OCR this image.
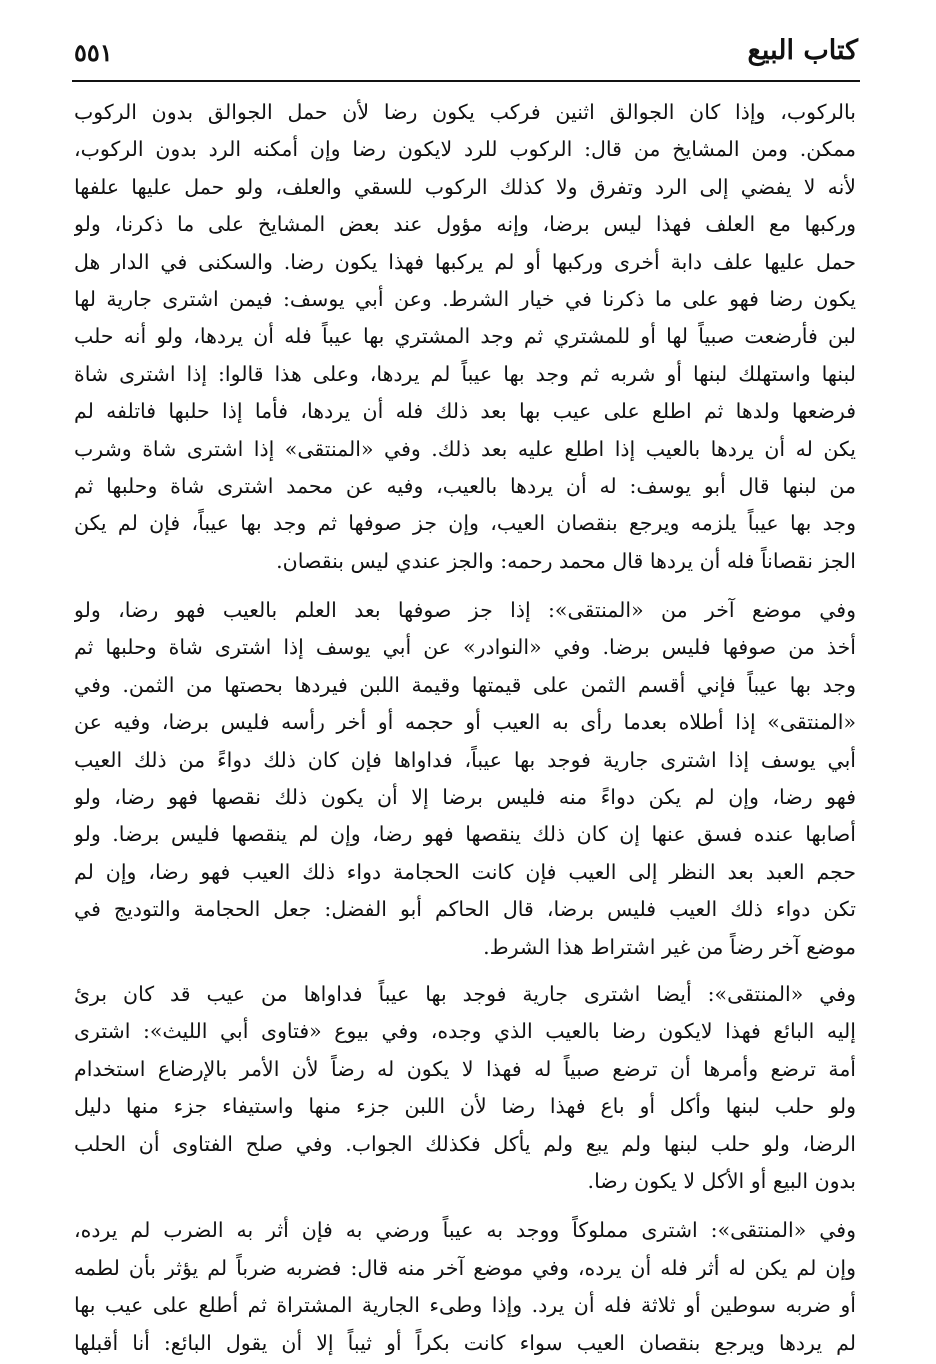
كتاب البيع
٥٥١
بالركوب، وإذا كان الجوالق اثنين فركب يكون رضا لأن حمل الجوالق بدون الركوب
ممكن. ومن المشايخ من قال: الركوب للرد لايكون رضا وإن أمكنه الرد بدون الركوب،
لأنه لا يفضي إلى الرد وتفرق ولا كذلك الركوب للسقي والعلف، ولو حمل عليها علفها
وركبها مع العلف فهذا ليس برضا، وإنه مؤول عند بعض المشايخ على ما ذكرنا، ولو
حمل عليها علف دابة أخرى وركبها أو لم يركبها فهذا يكون رضا. والسكنى في الدار هل
يكون رضا فهو على ما ذكرنا في خيار الشرط. وعن أبي يوسف: فيمن اشترى جارية لها
لبن فأرضعت صبياً لها أو للمشتري ثم وجد المشتري بها عيباً فله أن يردها، ولو أنه حلب
لبنها واستهلك لبنها أو شربه ثم وجد بها عيباً لم يردها، وعلى هذا قالوا: إذا اشترى شاة
فرضعها ولدها ثم اطلع على عيب بها بعد ذلك فله أن يردها، فأما إذا حلبها فاتلفه لم
يكن له أن يردها بالعيب إذا اطلع عليه بعد ذلك. وفي «المنتقى» إذا اشترى شاة وشرب
من لبنها قال أبو يوسف: له أن يردها بالعيب، وفيه عن محمد اشترى شاة وحلبها ثم
وجد بها عيباً يلزمه ويرجع بنقصان العيب، وإن جز صوفها ثم وجد بها عيباً، فإن لم يكن
الجز نقصاناً فله أن يردها قال محمد رحمه: والجز عندي ليس بنقصان.
وفي موضع آخر من «المنتقى»: إذا جز صوفها بعد العلم بالعيب فهو رضا، ولو
أخذ من صوفها فليس برضا. وفي «النوادر» عن أبي يوسف إذا اشترى شاة وحلبها ثم
وجد بها عيباً فإني أقسم الثمن على قيمتها وقيمة اللبن فيردها بحصتها من الثمن. وفي
«المنتقى» إذا أطلاه بعدما رأى به العيب أو حجمه أو أخر رأسه فليس برضا، وفيه عن
أبي يوسف إذا اشترى جارية فوجد بها عيباً، فداواها فإن كان ذلك دواءً من ذلك العيب
فهو رضا، وإن لم يكن دواءً منه فليس برضا إلا أن يكون ذلك نقصها فهو رضا، ولو
أصابها عنده فسق عنها إن كان ذلك ينقصها فهو رضا، وإن لم ينقصها فليس برضا. ولو
حجم العبد بعد النظر إلى العيب فإن كانت الحجامة دواء ذلك العيب فهو رضا، وإن لم
تكن دواء ذلك العيب فليس برضا، قال الحاكم أبو الفضل: جعل الحجامة والتوديج في
موضع آخر رضاً من غير اشتراط هذا الشرط.
وفي «المنتقى»: أيضا اشترى جارية فوجد بها عيباً فداواها من عيب قد كان برئ
إليه البائع فهذا لايكون رضا بالعيب الذي وجده، وفي بيوع «فتاوى أبي الليث»: اشترى
أمة ترضع وأمرها أن ترضع صبياً له فهذا لا يكون له رضاً لأن الأمر بالإرضاع استخدام
ولو حلب لبنها وأكل أو باع فهذا رضا لأن اللبن جزء منها واستيفاء جزء منها دليل
الرضا، ولو حلب لبنها ولم يبع ولم يأكل فكذلك الجواب. وفي صلح الفتاوى أن الحلب
بدون البيع أو الأكل لا يكون رضا.
وفي «المنتقى»: اشترى مملوكاً ووجد به عيباً ورضي به فإن أثر به الضرب لم يرده،
وإن لم يكن له أثر فله أن يرده، وفي موضع آخر منه قال: فضربه ضرباً لم يؤثر بأن لطمه
أو ضربه سوطين أو ثلاثة فله أن يرد. وإذا وطىء الجارية المشتراة ثم أطلع على عيب بها
لم يردها ويرجع بنقصان العيب سواء كانت بكراً أو ثيباً إلا أن يقول البائع: أنا أقبلها
